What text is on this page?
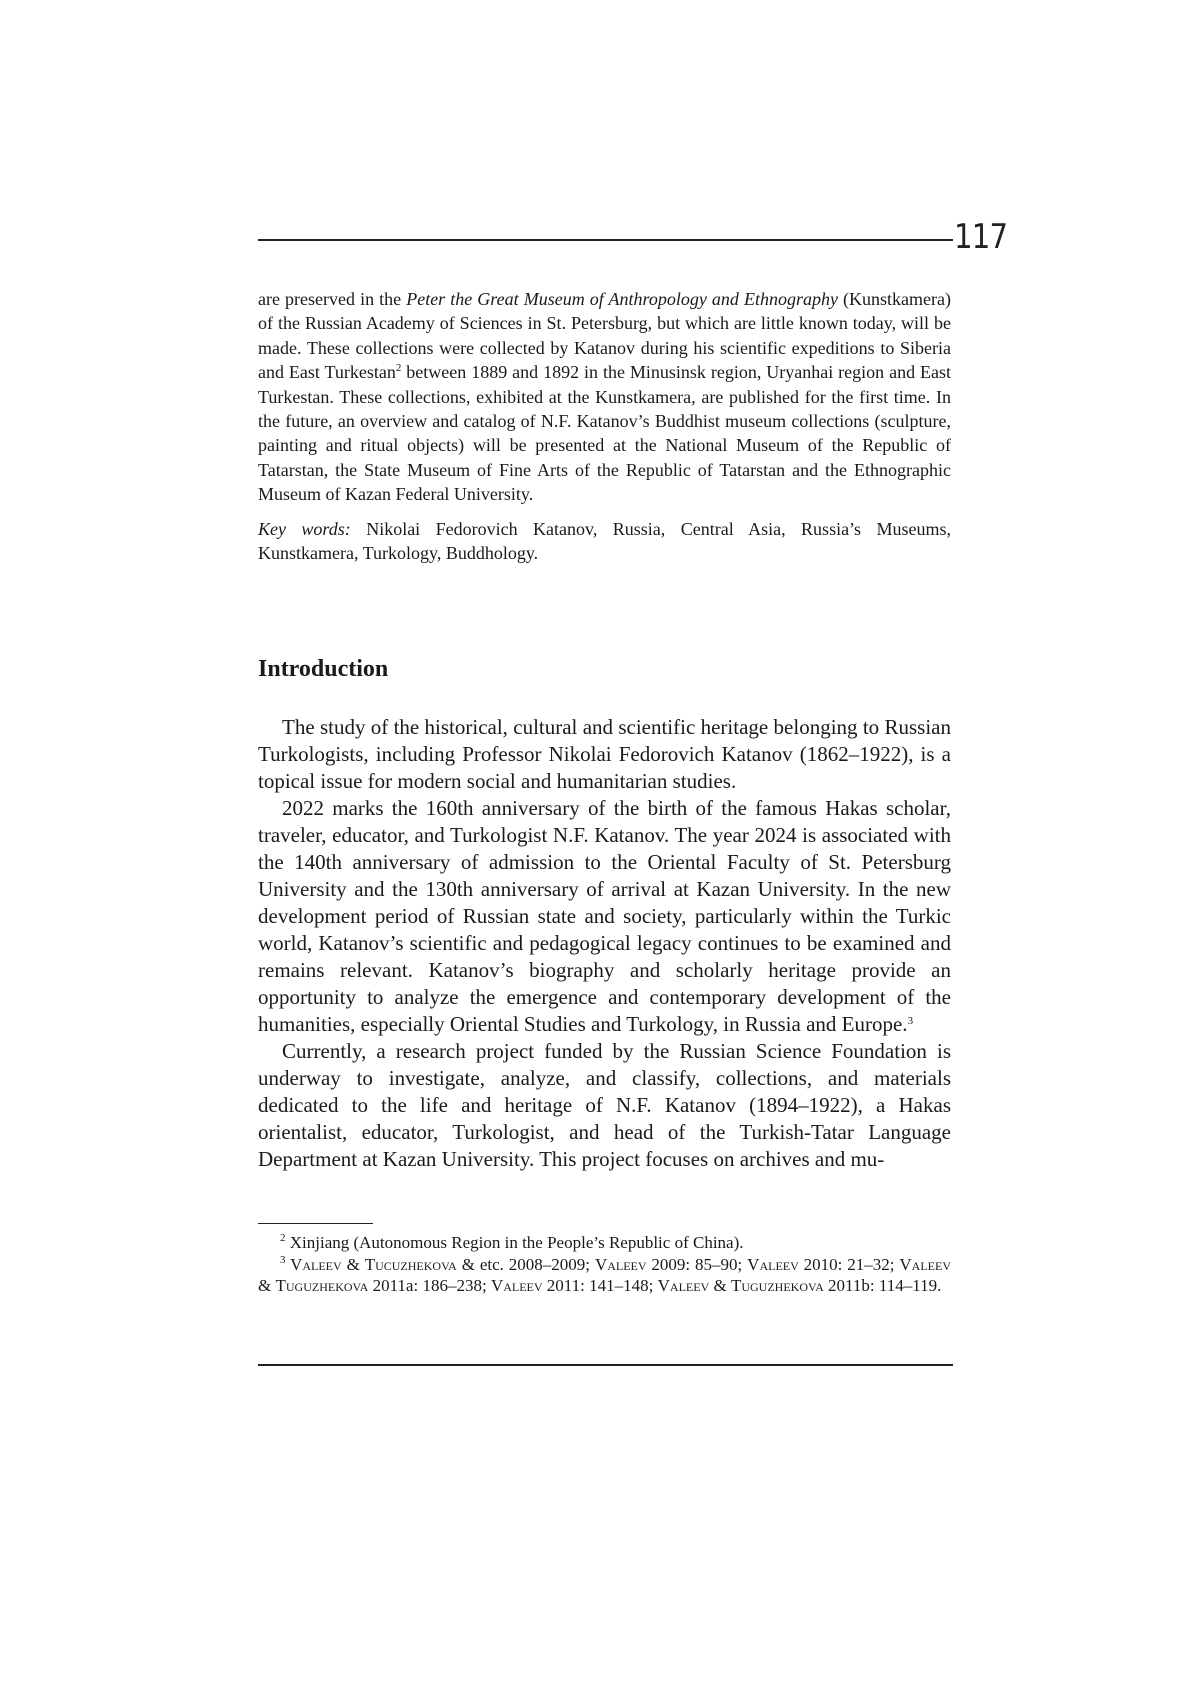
117

are preserved in the Peter the Great Museum of Anthropology and Ethnography (Kunstkamera) of the Russian Academy of Sciences in St. Petersburg, but which are little known today, will be made. These collections were collected by Katanov during his scientific expeditions to Siberia and East Turkestan$^2$ between 1889 and 1892 in the Minusinsk region, Uryanhai region and East Turkestan. These collections, exhibited at the Kunstkamera, are published for the first time. In the future, an overview and catalog of N.F. Katanov’s Buddhist museum collections (sculpture, painting and ritual objects) will be presented at the National Museum of the Republic of Tatarstan, the State Museum of Fine Arts of the Republic of Tatarstan and the Ethnographic Museum of Kazan Federal University.

Key words: Nikolai Fedorovich Katanov, Russia, Central Asia, Russia’s Museums, Kunstkamera, Turkology, Buddhology.

Introduction

The study of the historical, cultural and scientific heritage belonging to Russian Turkologists, including Professor Nikolai Fedorovich Katanov (1862–1922), is a topical issue for modern social and humanitarian studies.

2022 marks the 160th anniversary of the birth of the famous Hakas scholar, traveler, educator, and Turkologist N.F. Katanov. The year 2024 is associated with the 140th anniversary of admission to the Oriental Faculty of St. Petersburg University and the 130th anniversary of arrival at Kazan University. In the new development period of Russian state and society, particularly within the Turkic world, Katanov’s scientific and pedagogical legacy continues to be examined and remains relevant. Katanov’s biography and scholarly heritage provide an opportunity to analyze the emergence and contemporary development of the humanities, especially Oriental Studies and Turkology, in Russia and Europe.$^3$

Currently, a research project funded by the Russian Science Foundation is underway to investigate, analyze, and classify, collections, and materials dedicated to the life and heritage of N.F. Katanov (1894–1922), a Hakas orientalist, educator, Turkologist, and head of the Turkish-Tatar Language Department at Kazan University. This project focuses on archives and mu-

$^2$ Xinjiang (Autonomous Region in the People’s Republic of China).

$^3$ Valeev & Tucuzhekova & etc. 2008–2009; Valeev 2009: 85–90; Valeev 2010: 21–32; Valeev & Tuguzhekova 2011a: 186–238; Valeev 2011: 141–148; Valeev & Tuguzhekova 2011b: 114–119.
